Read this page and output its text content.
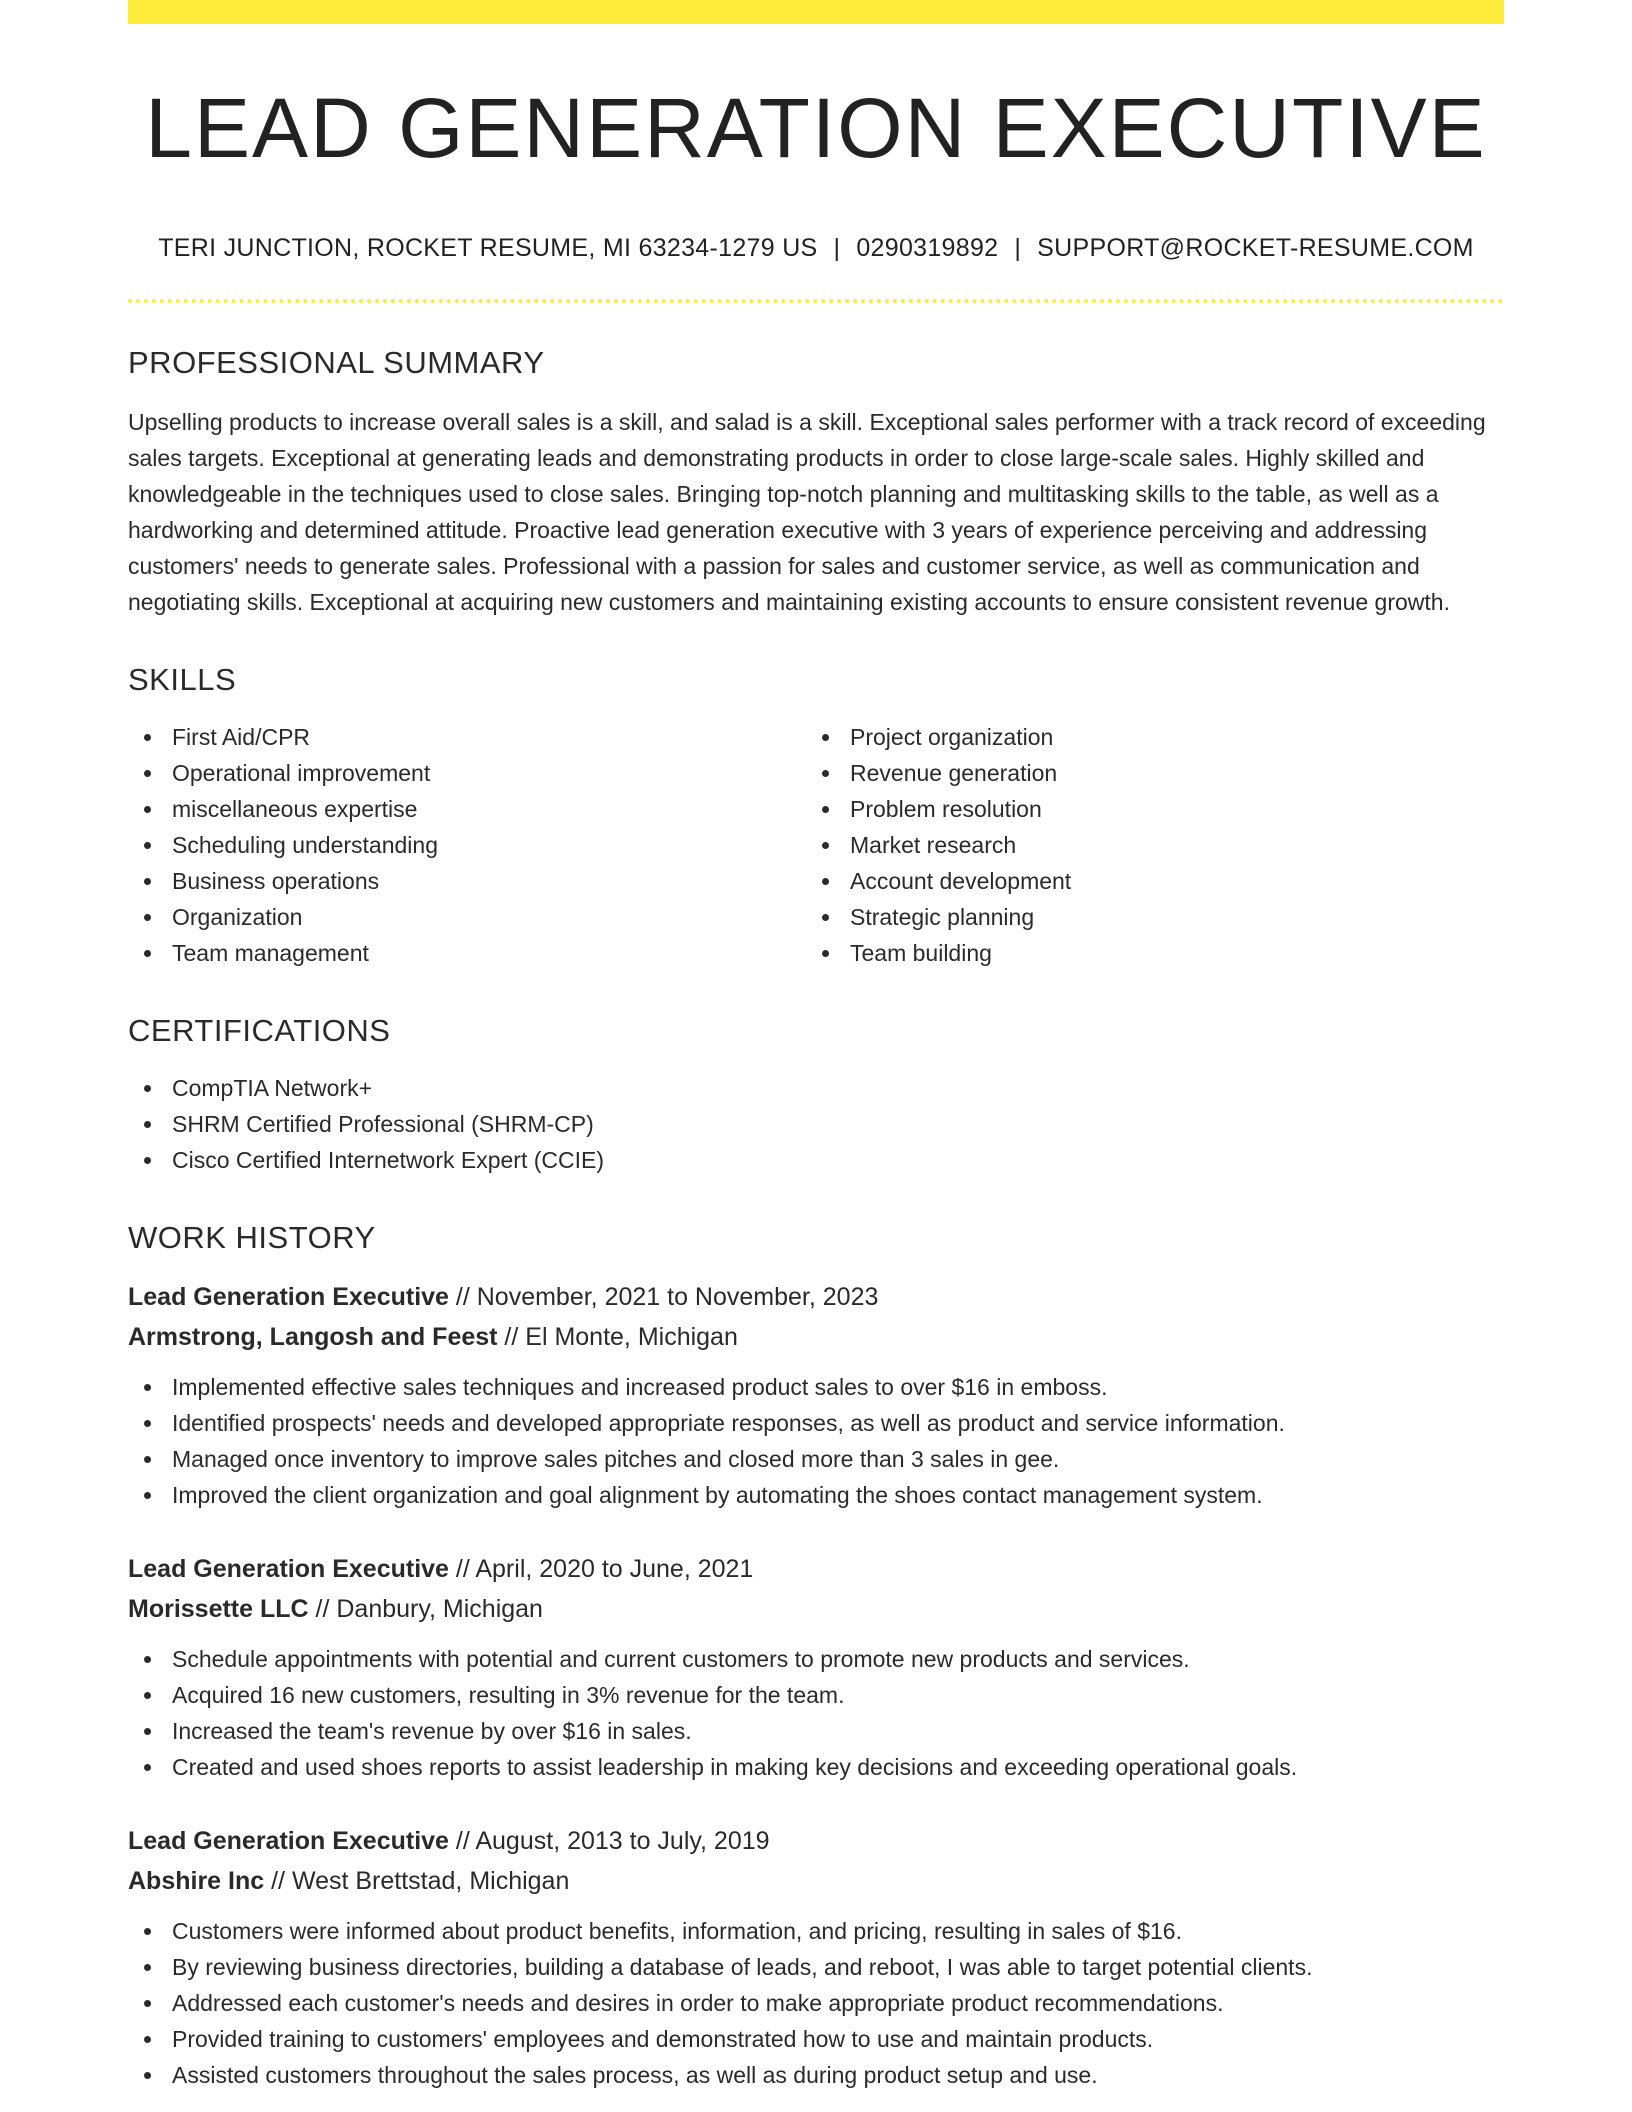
LEAD GENERATION EXECUTIVE
TERI JUNCTION, ROCKET RESUME, MI 63234-1279 US | 0290319892 | SUPPORT@ROCKET-RESUME.COM
PROFESSIONAL SUMMARY

Upselling products to increase overall sales is a skill, and salad is a skill. Exceptional sales performer with a track record of exceeding sales targets. Exceptional at generating leads and demonstrating products in order to close large-scale sales. Highly skilled and knowledgeable in the techniques used to close sales. Bringing top-notch planning and multitasking skills to the table, as well as a hardworking and determined attitude. Proactive lead generation executive with 3 years of experience perceiving and addressing customers' needs to generate sales. Professional with a passion for sales and customer service, as well as communication and negotiating skills. Exceptional at acquiring new customers and maintaining existing accounts to ensure consistent revenue growth.

SKILLS
First Aid/CPR
Operational improvement
miscellaneous expertise
Scheduling understanding
Business operations
Organization
Team management
Project organization
Revenue generation
Problem resolution
Market research
Account development
Strategic planning
Team building
CERTIFICATIONS
CompTIA Network+
SHRM Certified Professional (SHRM-CP)
Cisco Certified Internetwork Expert (CCIE)
WORK HISTORY
Lead Generation Executive // November, 2021 to November, 2023
Armstrong, Langosh and Feest // El Monte, Michigan
Implemented effective sales techniques and increased product sales to over $16 in emboss.
Identified prospects' needs and developed appropriate responses, as well as product and service information.
Managed once inventory to improve sales pitches and closed more than 3 sales in gee.
Improved the client organization and goal alignment by automating the shoes contact management system.
Lead Generation Executive // April, 2020 to June, 2021
Morissette LLC // Danbury, Michigan
Schedule appointments with potential and current customers to promote new products and services.
Acquired 16 new customers, resulting in 3% revenue for the team.
Increased the team's revenue by over $16 in sales.
Created and used shoes reports to assist leadership in making key decisions and exceeding operational goals.
Lead Generation Executive // August, 2013 to July, 2019
Abshire Inc // West Brettstad, Michigan
Customers were informed about product benefits, information, and pricing, resulting in sales of $16.
By reviewing business directories, building a database of leads, and reboot, I was able to target potential clients.
Addressed each customer's needs and desires in order to make appropriate product recommendations.
Provided training to customers' employees and demonstrated how to use and maintain products.
Assisted customers throughout the sales process, as well as during product setup and use.
